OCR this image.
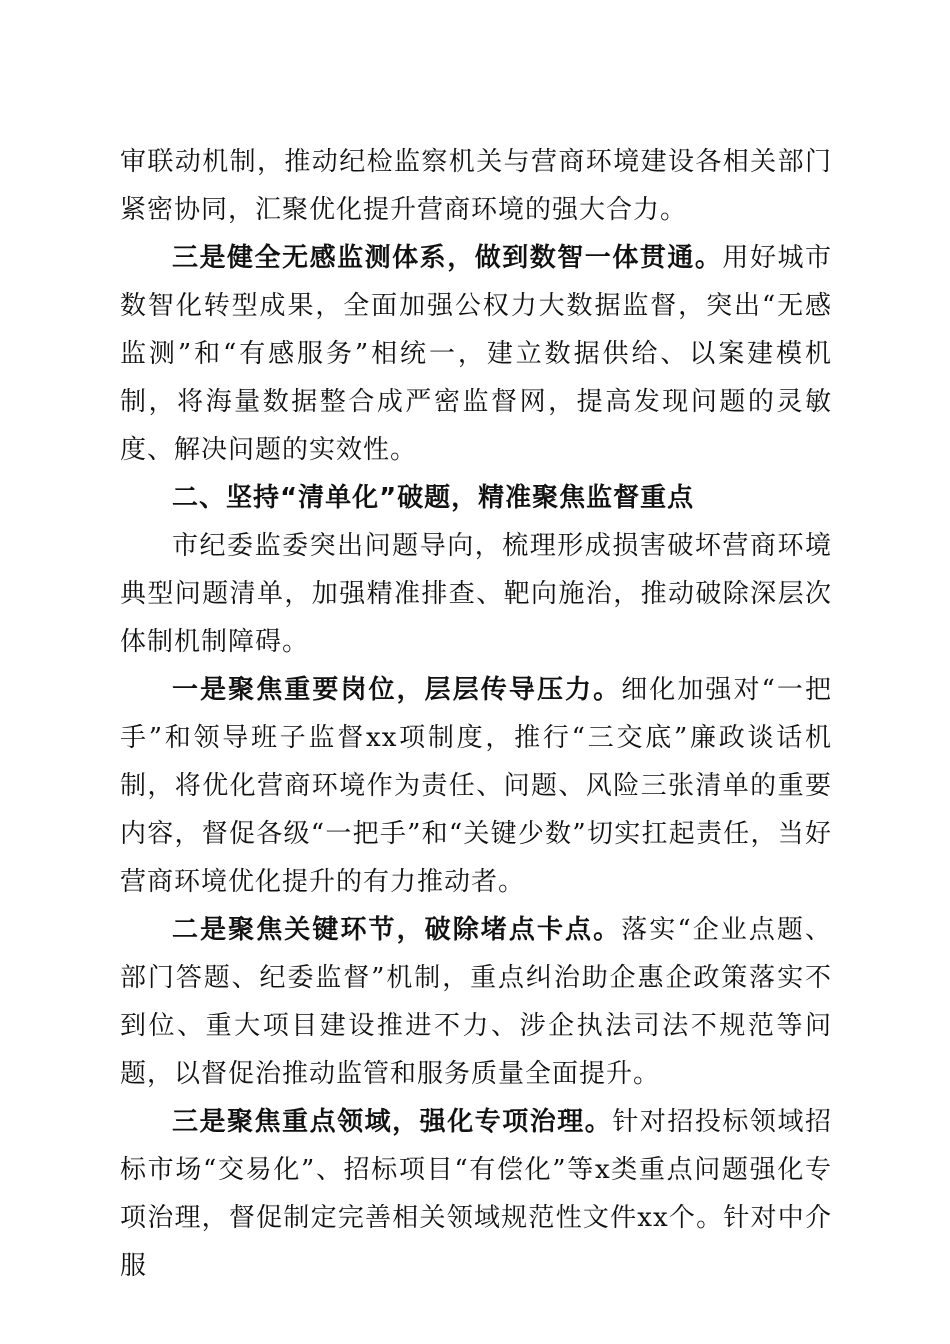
审联动机制，推动纪检监察机关与营商环境建设各相关部门紧密协同，汇聚优化提升营商环境的强大合力。

三是健全无感监测体系，做到数智一体贯通。用好城市数智化转型成果，全面加强公权力大数据监督，突出“无感监测”和“有感服务”相统一，建立数据供给、以案建模机制，将海量数据整合成严密监督网，提高发现问题的灵敏度、解决问题的实效性。

二、坚持“清单化”破题，精准聚焦监督重点

市纪委监委突出问题导向，梳理形成损害破坏营商环境典型问题清单，加强精准排查、靶向施治，推动破除深层次体制机制障碍。

一是聚焦重要岗位，层层传导压力。细化加强对“一把手”和领导班子监督xx项制度，推行“三交底”廉政谈话机制，将优化营商环境作为责任、问题、风险三张清单的重要内容，督促各级“一把手”和“关键少数”切实扛起责任，当好营商环境优化提升的有力推动者。

二是聚焦关键环节，破除堵点卡点。落实“企业点题、部门答题、纪委监督”机制，重点纠治助企惠企政策落实不到位、重大项目建设推进不力、涉企执法司法不规范等问题，以督促治推动监管和服务质量全面提升。

三是聚焦重点领域，强化专项治理。针对招投标领域招标市场“交易化”、招标项目“有偿化”等x类重点问题强化专项治理，督促制定完善相关领域规范性文件xx个。针对中介服
